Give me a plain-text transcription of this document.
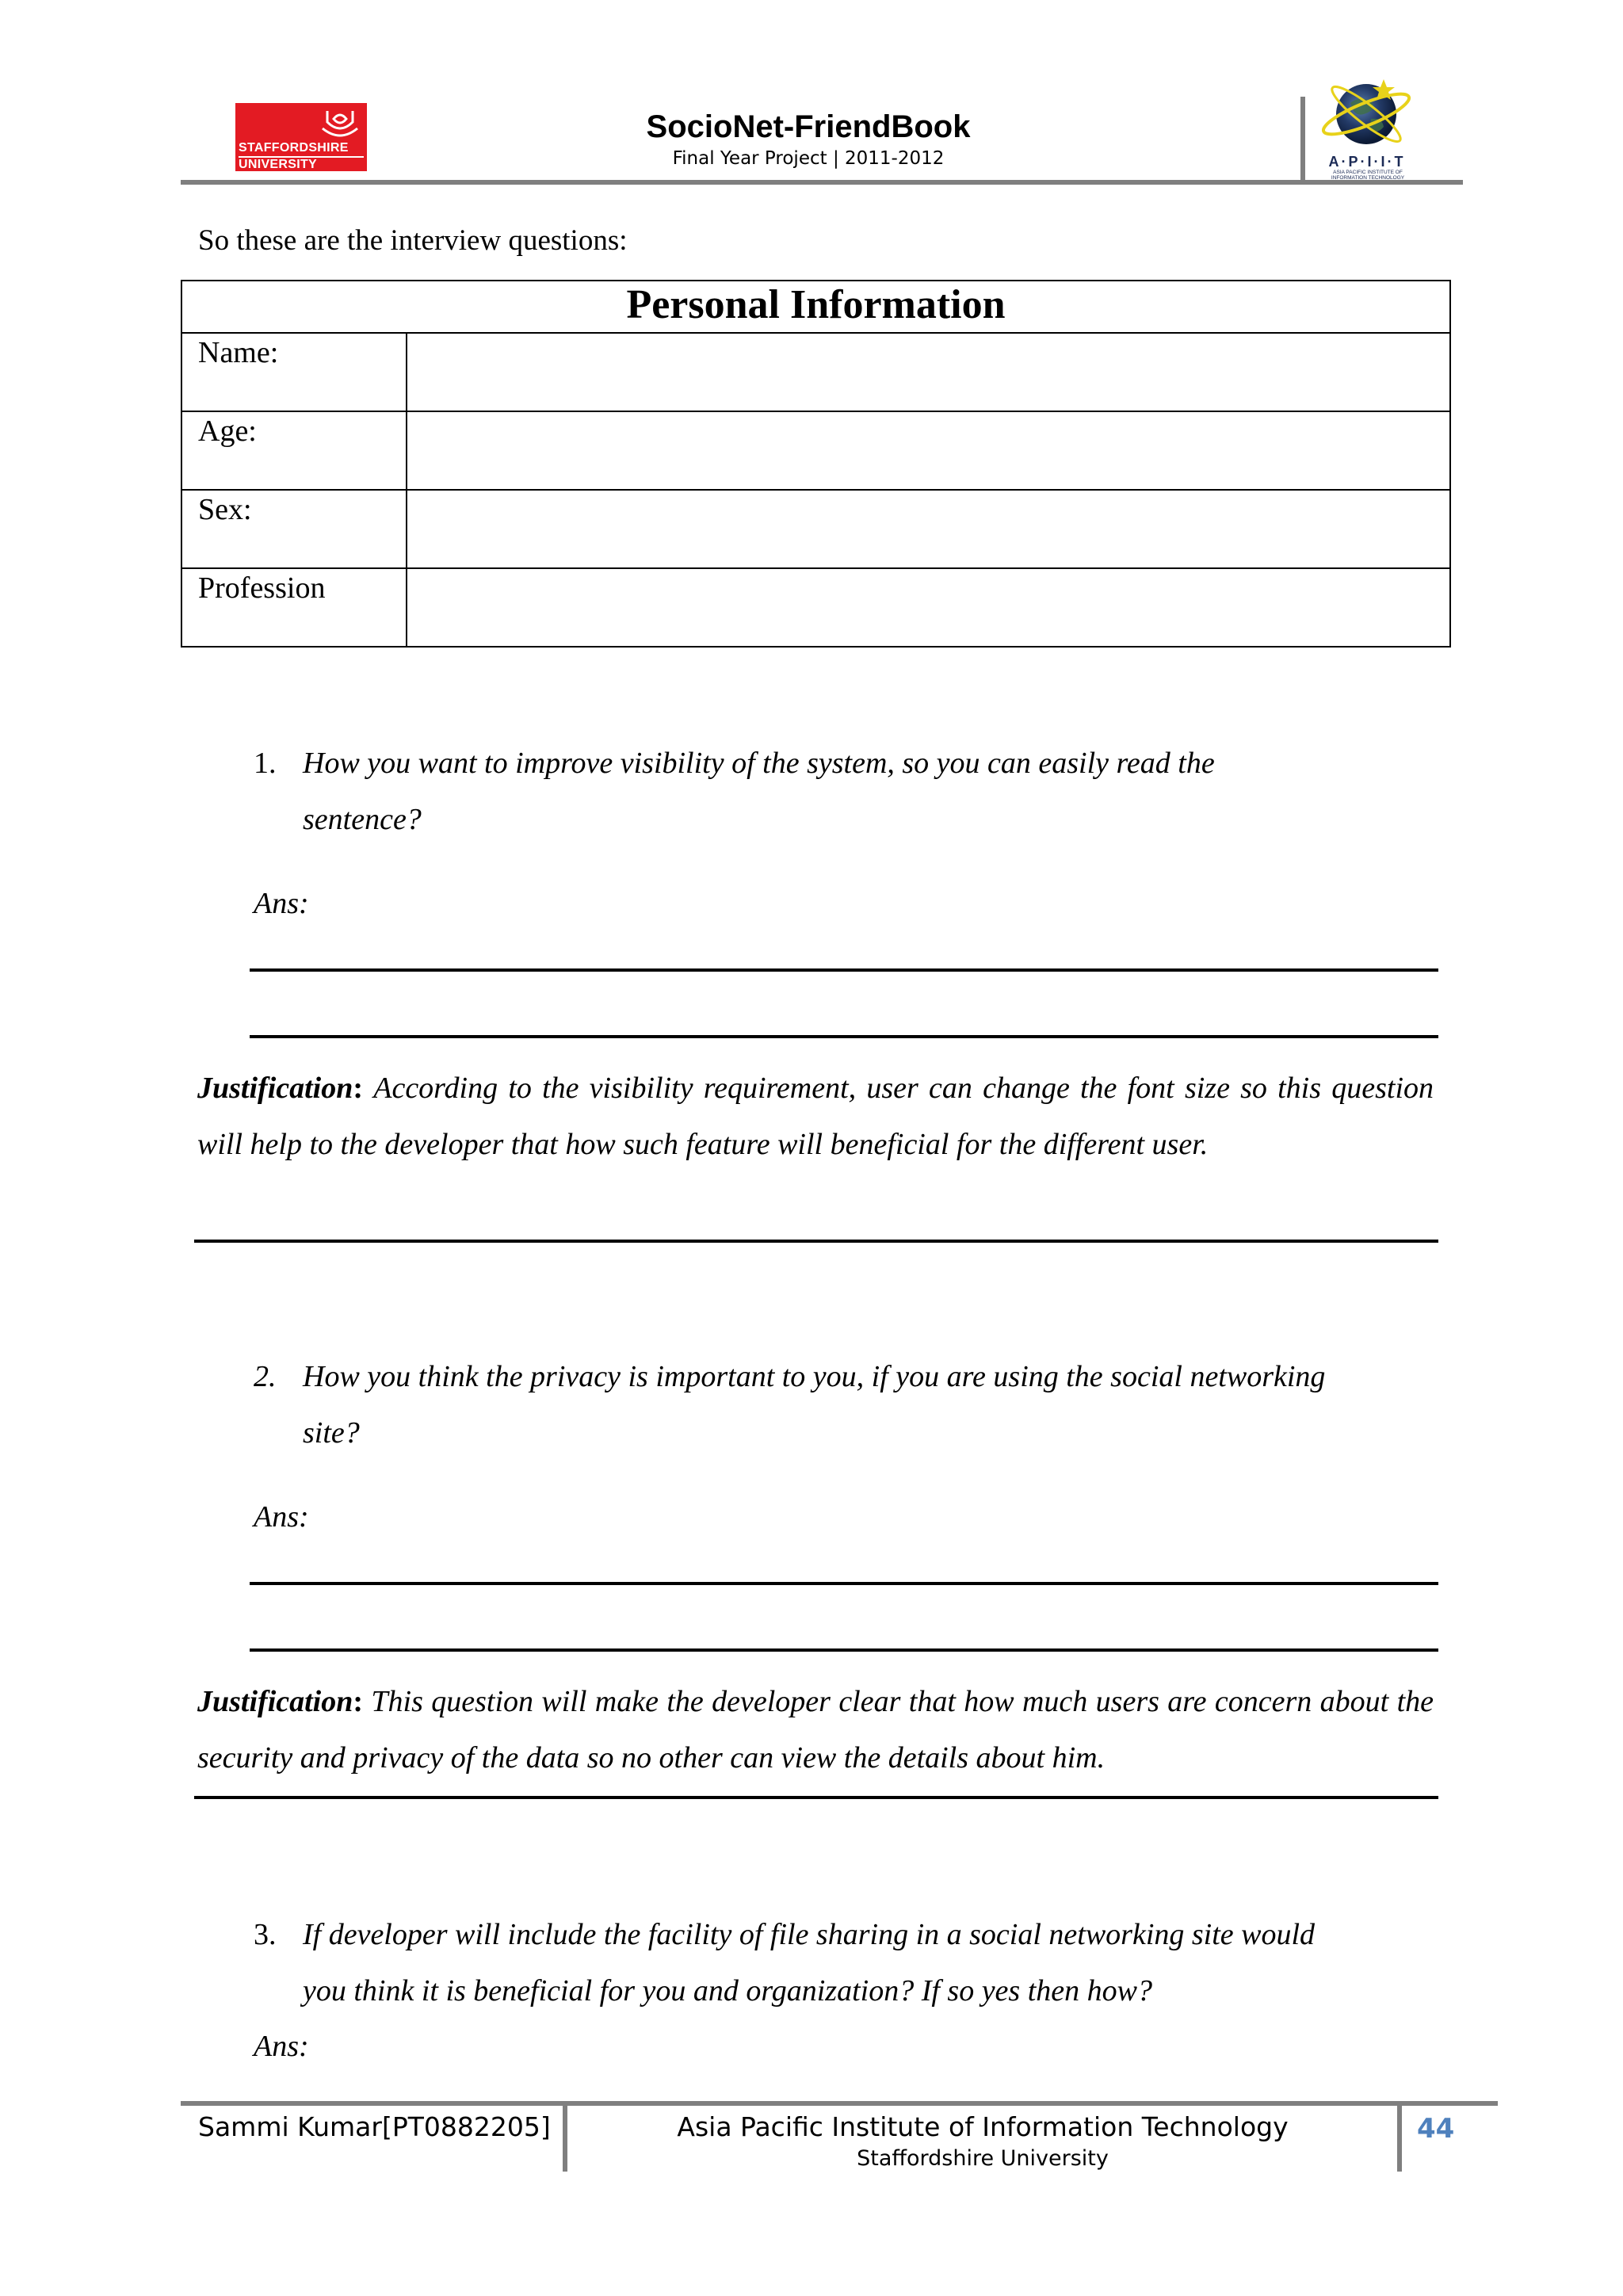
STAFFORDSHIRE
UNIVERSITY
SocioNet-FriendBook
Final Year Project | 2011-2012	A·P·I·I·T
ASIA PACIFIC INSTITUTE OF INFORMATION TECHNOLOGY
So these are the interview questions:
Personal Information	
Name:	
Age:	
Sex:	
Profession	
1. How you want to improve visibility of the system, so you can easily read the
sentence?
Ans:
Justification: According to the visibility requirement, user can change the font size so this question will help to the developer that how such feature will beneficial for the different user.
2. How you think the privacy is important to you, if you are using the social networking
site?
Ans:
Justification: This question will make the developer clear that how much users are concern about the security and privacy of the data so no other can view the details about him.
3. If developer will include the facility of file sharing in a social networking site would
you think it is beneficial for you and organization? If so yes then how?
Ans:
Sammi Kumar[PT0882205]	Asia Pacific Institute of Information Technology
Staffordshire University
44
